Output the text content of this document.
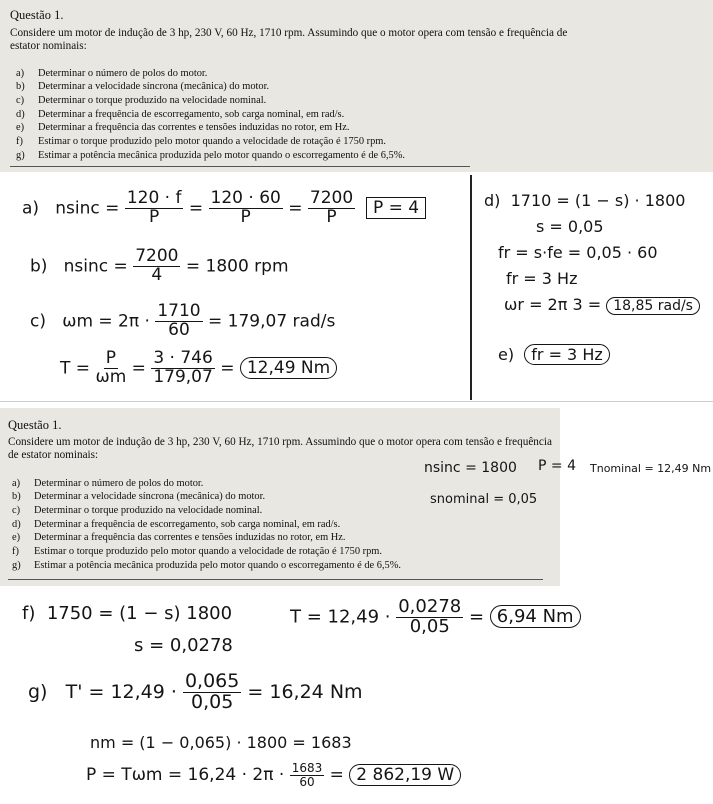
Questão 1.
Considere um motor de indução de 3 hp, 230 V, 60 Hz, 1710 rpm. Assumindo que o motor opera com tensão e frequência de estator nominais:
a) Determinar o número de polos do motor.
b) Determinar a velocidade síncrona (mecânica) do motor.
c) Determinar o torque produzido na velocidade nominal.
d) Determinar a frequência de escorregamento, sob carga nominal, em rad/s.
e) Determinar a frequência das correntes e tensões induzidas no rotor, em Hz.
f) Estimar o torque produzido pelo motor quando a velocidade de rotação é 1750 rpm.
g) Estimar a potência mecânica produzida pelo motor quando o escorregamento é de 6,5%.
a) $nsinc = \frac{120 \cdot f}{P} = \frac{120 \cdot 60}{P} = \frac{7200}{P}$ P = 4
b) $nsinc = \frac{7200}{4} = 1800$ rpm
c) $\omega m = 2\pi \cdot \frac{1710}{60} = 179,07$ rad/s
$T = \frac{P}{\omega m} = \frac{3 \cdot 746}{179,07} = 12,49$ Nm
d) 1710 = (1 − s) · 1800
s = 0,05
fr = s·fe = 0,05 · 60
fr = 3 Hz
ωr = 2π 3 = 18,85 rad/s
e) fr = 3 Hz
Questão 1.
Considere um motor de indução de 3 hp, 230 V, 60 Hz, 1710 rpm. Assumindo que o motor opera com tensão e frequência de estator nominais:
a) Determinar o número de polos do motor.
b) Determinar a velocidade síncrona (mecânica) do motor.
c) Determinar o torque produzido na velocidade nominal.
d) Determinar a frequência de escorregamento, sob carga nominal, em rad/s.
e) Determinar a frequência das correntes e tensões induzidas no rotor, em Hz.
f) Estimar o torque produzido pelo motor quando a velocidade de rotação é 1750 rpm.
g) Estimar a potência mecânica produzida pelo motor quando o escorregamento é de 6,5%.
nsinc = 1800 P = 4 Tnominal = 12,49 Nm
snominal = 0,05
f) 1750 = (1 − s) 1800
s = 0,0278
$T = 12,49 \cdot \frac{0,0278}{0,05} = 6,94$ Nm
g) $T' = 12,49 \cdot \frac{0,065}{0,05} = 16,24$ Nm
nm = (1 − 0,065) · 1800 = 1683
$P = T\omega m = 16,24 \cdot 2\pi \cdot \frac{1683}{60} = 2$ 862,19 W
